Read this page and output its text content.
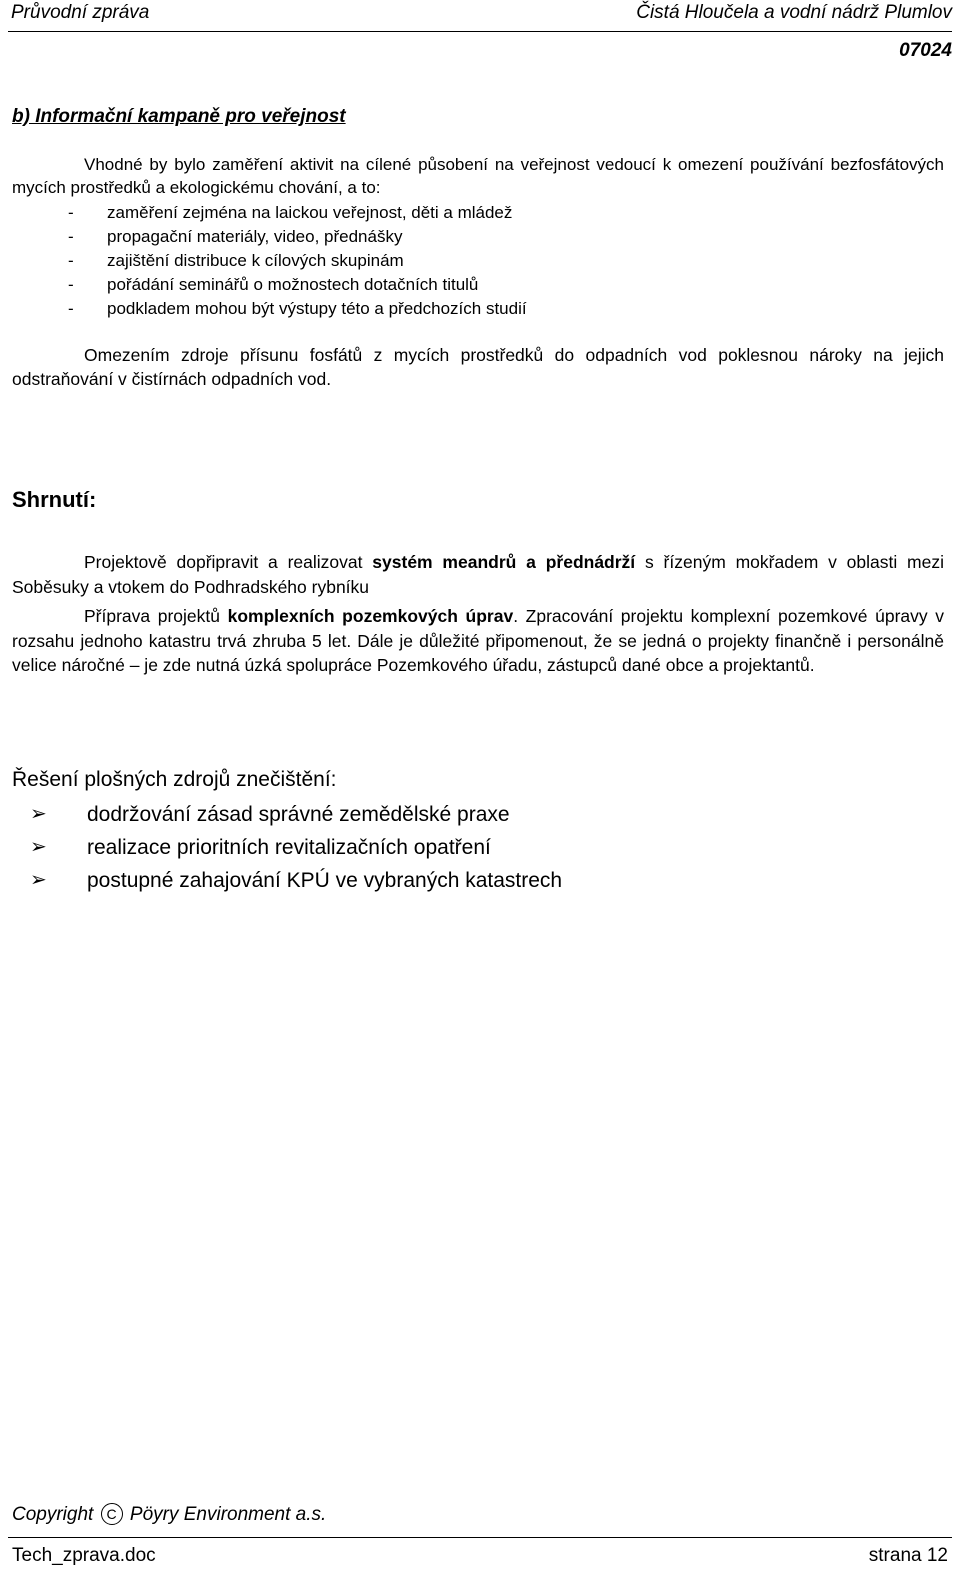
Průvodní zpráva	Čistá Hloučela a vodní nádrž Plumlov
07024
b) Informační kampaně pro veřejnost
Vhodné by bylo zaměření aktivit na cílené působení na veřejnost vedoucí k omezení používání bezfosfátových mycích prostředků a ekologickému chování, a to:
- zaměření zejména na laickou veřejnost, děti a mládež
- propagační materiály, video, přednášky
- zajištění distribuce k cílových skupinám
- pořádání seminářů o možnostech dotačních titulů
- podkladem mohou být výstupy této a předchozích studií
Omezením zdroje přísunu fosfátů z mycích prostředků do odpadních vod poklesnou nároky na jejich odstraňování v čistírnách odpadních vod.
Shrnutí:
Projektově dopřipravit a realizovat systém meandrů a přednádrží s řízeným mokřadem v oblasti mezi Soběsuky a vtokem do Podhradského rybníku
Příprava projektů komplexních pozemkových úprav. Zpracování projektu komplexní pozemkové úpravy v rozsahu jednoho katastru trvá zhruba 5 let. Dále je důležité připomenout, že se jedná o projekty finančně i personálně velice náročné – je zde nutná úzká spolupráce Pozemkového úřadu, zástupců dané obce a projektantů.
Řešení plošných zdrojů znečištění:
➢ dodržování zásad správné zemědělské praxe
➢ realizace prioritních revitalizačních opatření
➢ postupné zahajování KPÚ ve vybraných katastrech
Copyright C Pöyry Environment a.s.
Tech_zprava.doc	strana 12
